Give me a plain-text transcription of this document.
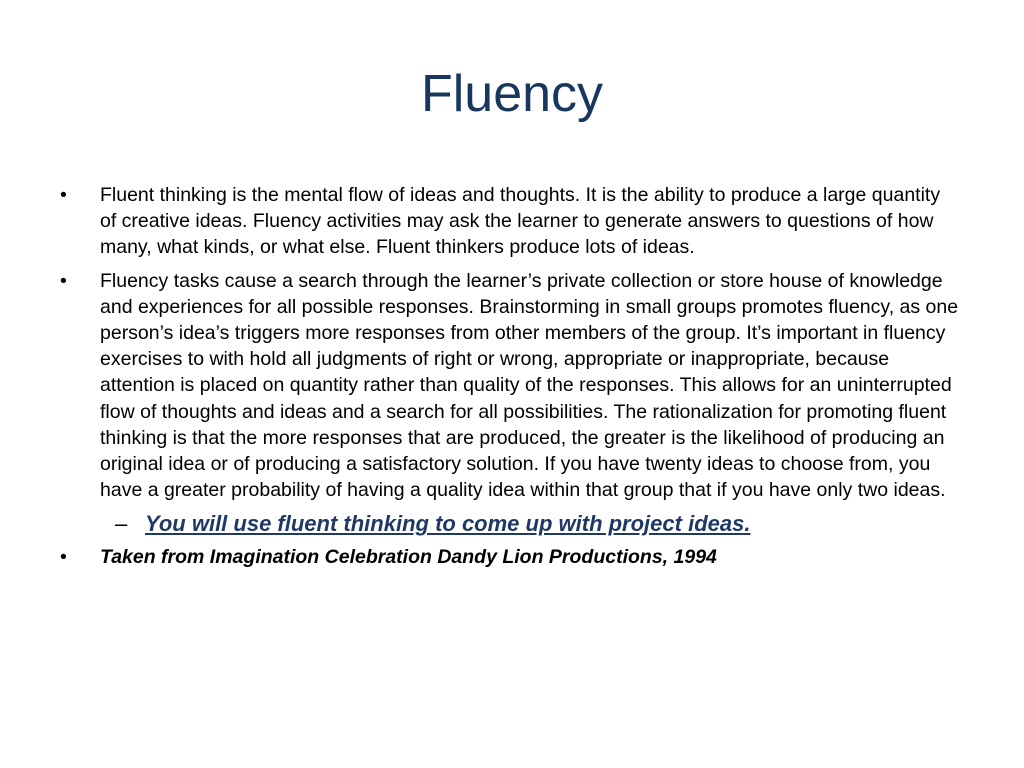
Fluency
•	Fluent thinking is the mental flow of ideas and thoughts. It is the ability to produce a large quantity of creative ideas. Fluency activities may ask the learner to generate answers to questions of how many, what kinds, or what else. Fluent thinkers produce lots of ideas.
•	Fluency tasks cause a search through the learner’s private collection or store house of knowledge and experiences for all possible responses. Brainstorming in small groups promotes fluency, as one person’s idea’s triggers more responses from other members of the group. It’s important in fluency exercises to with hold all judgments of right or wrong, appropriate or inappropriate, because attention is placed on quantity rather than quality of the responses. This allows for an uninterrupted flow of thoughts and ideas and a search for all possibilities. The rationalization for promoting fluent thinking is that the more responses that are produced, the greater is the likelihood of producing an original idea or of producing a satisfactory solution. If you have twenty ideas to choose from, you have a greater probability of having a quality idea within that group that if you have only two ideas.
– You will use fluent thinking to come up with project ideas.
•	Taken from Imagination Celebration Dandy Lion Productions, 1994
